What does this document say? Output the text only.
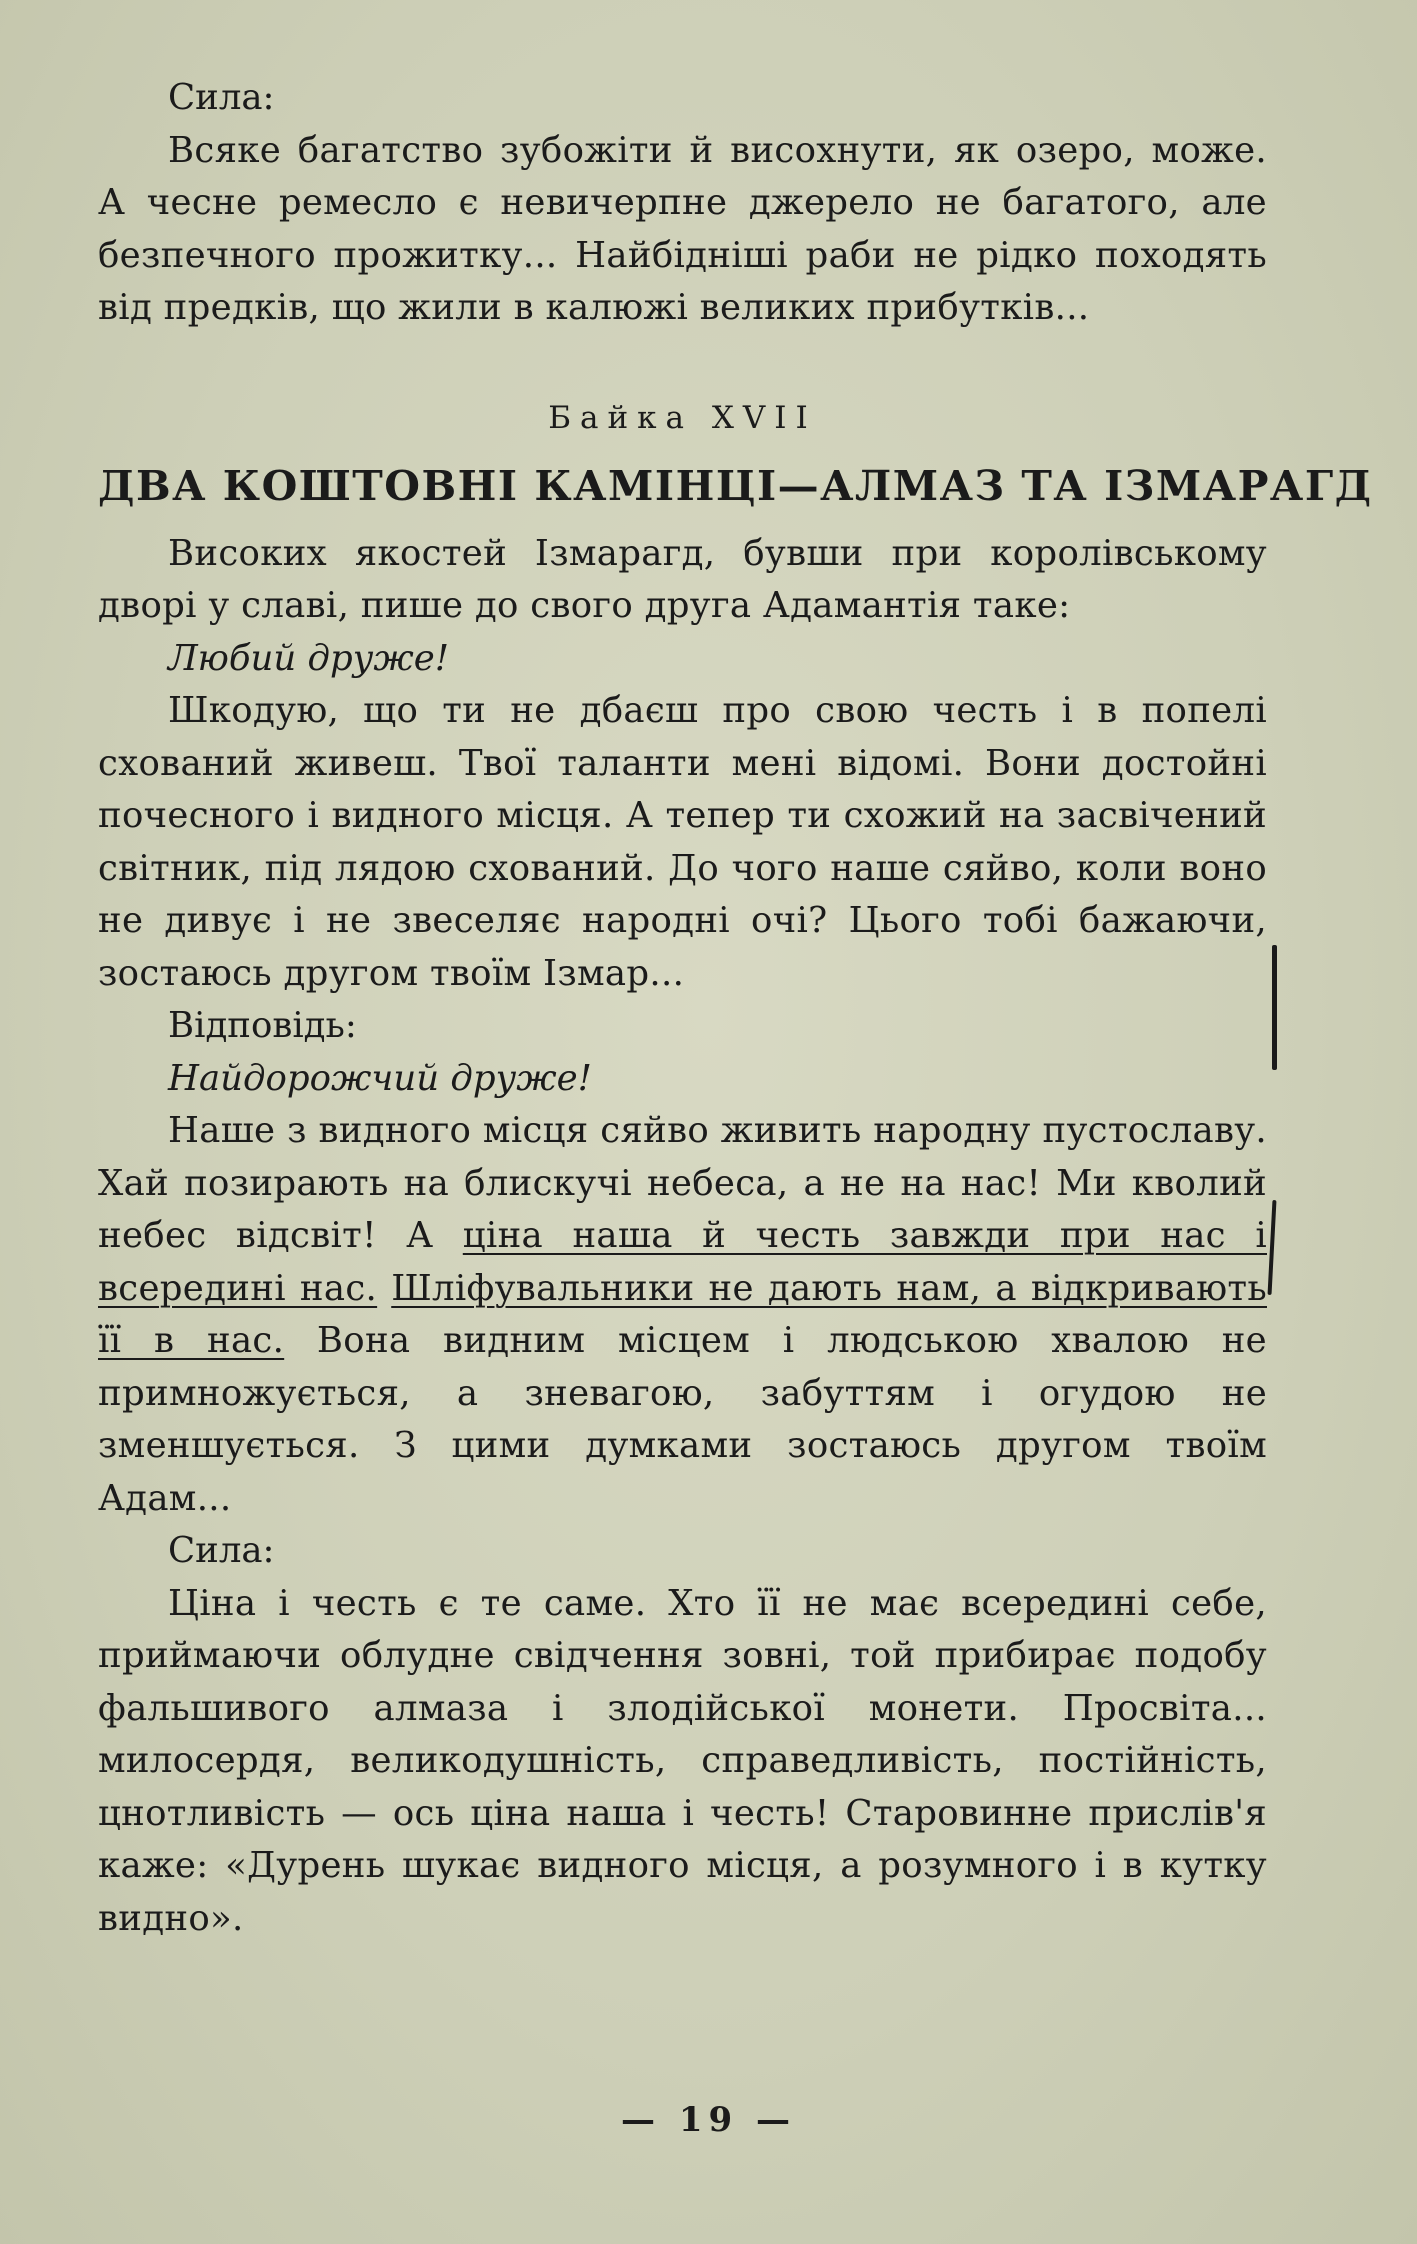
Сила:

Всяке багатство зубожіти й висохнути, як озеро, може. А чесне ремесло є невичерпне джерело не багатого, але безпечного прожитку... Найбідніші раби не рідко походять від предків, що жили в калюжі великих прибутків...

Байка XVII

ДВА КОШТОВНІ КАМІНЦІ—АЛМАЗ ТА ІЗМАРАГД

Високих якостей Ізмарагд, бувши при королівському дворі у славі, пише до свого друга Адамантія таке:

Любий друже!

Шкодую, що ти не дбаєш про свою честь і в попелі схований живеш. Твої таланти мені відомі. Вони достойні почесного і видного місця. А тепер ти схожий на засвічений світник, під лядою схований. До чого наше сяйво, коли воно не дивує і не звеселяє народні очі? Цього тобі бажаючи, зостаюсь другом твоїм Ізмар...

Відповідь:

Найдорожчий друже!

Наше з видного місця сяйво живить народну пустославу. Хай позирають на блискучі небеса, а не на нас! Ми кволий небес відсвіт! А ціна наша й честь завжди при нас і всередині нас. Шліфувальники не дають нам, а відкривають її в нас. Вона видним місцем і людською хвалою не примножується, а зневагою, забуттям і огудою не зменшується. З цими думками зостаюсь другом твоїм Адам...

Сила:

Ціна і честь є те саме. Хто її не має всередині себе, приймаючи облудне свідчення зовні, той прибирає подобу фальшивого алмаза і злодійської монети. Просвіта... милосердя, великодушність, справедливість, постійність, цнотливість — ось ціна наша і честь! Старовинне прислів'я каже: «Дурень шукає видного місця, а розумного і в кутку видно».

— 19 —
